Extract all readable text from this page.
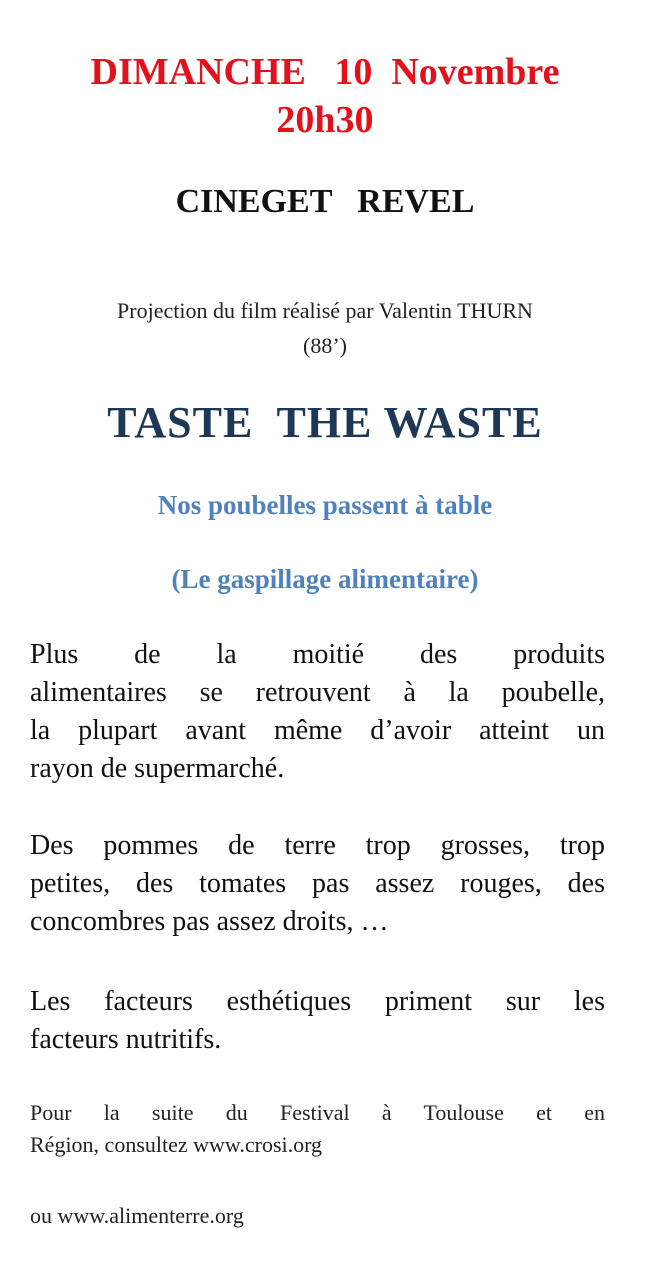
DIMANCHE   10  Novembre
20h30
CINEGET   REVEL
Projection du film réalisé par Valentin THURN
(88’)
TASTE  THE WASTE
Nos poubelles passent à table
(Le gaspillage alimentaire)
Plus de la moitié des produits
alimentaires se retrouvent à la poubelle,
la plupart avant même d’avoir atteint un
rayon de supermarché.
Des pommes de terre trop grosses, trop
petites, des tomates pas assez rouges, des
concombres pas assez droits, …
Les facteurs esthétiques priment sur les
facteurs nutritifs.
Pour la suite du Festival à Toulouse et en
Région, consultez www.crosi.org
ou www.alimenterre.org
